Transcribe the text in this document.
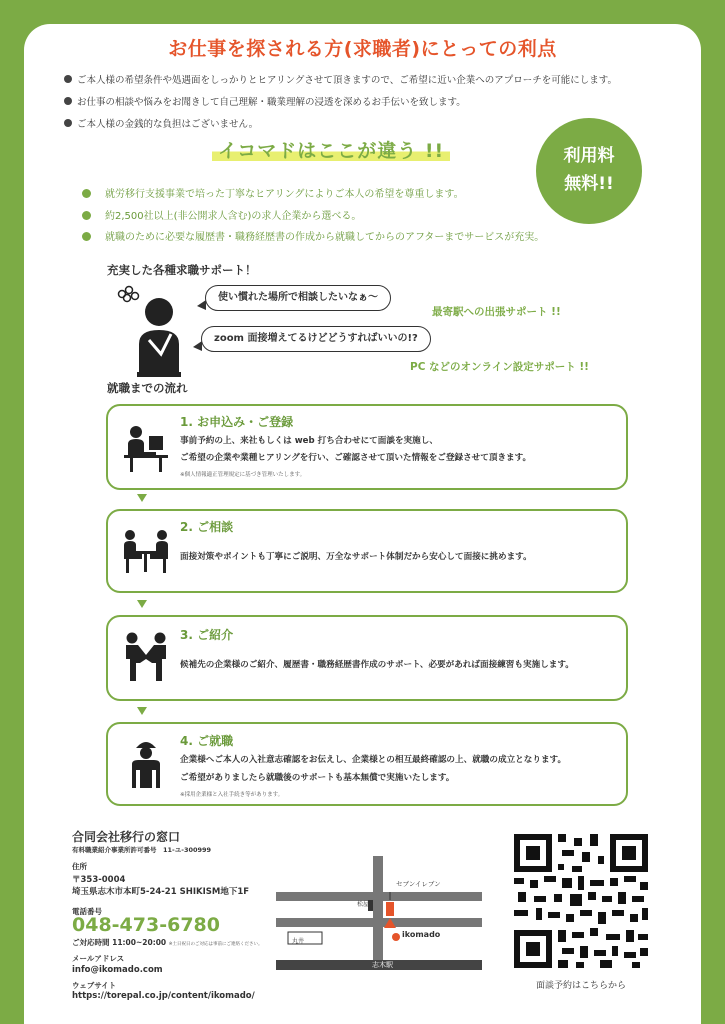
お仕事を探される方(求職者)にとっての利点
ご本人様の希望条件や処遇面をしっかりとヒアリングさせて頂きますので、ご希望に近い企業へのアプローチを可能にします。
お仕事の相談や悩みをお聞きして自己理解・職業理解の浸透を深めるお手伝いを致します。
ご本人様の金銭的な負担はございません。
イコマドはここが違う !!	利用料
無料!!
就労移行支援事業で培った丁寧なヒアリングによりご本人の希望を尊重します。
約2,500社以上(非公開求人含む)の求人企業から選べる。
就職のために必要な履歴書・職務経歴書の作成から就職してからのアフターまでサービスが充実。
充実した各種求職サポート！
使い慣れた場所で相談したいなぁ～
zoom 面接増えてるけどどうすればいいの!?
最寄駅への出張サポート !!
PC などのオンライン設定サポート !!
就職までの流れ
1. お申込み・ご登録
事前予約の上、来社もしくは web 打ち合わせにて面談を実施し、
ご希望の企業や業種ヒアリングを行い、ご確認させて頂いた情報をご登録させて頂きます。
※個人情報適正管理規定に基づき管理いたします。
2. ご相談
面接対策やポイントも丁寧にご説明、万全なサポート体制だから安心して面接に挑めます。
3. ご紹介
候補先の企業様のご紹介、履歴書・職務経歴書作成のサポート、必要があれば面接練習も実施します。
4. ご就職
企業様へご本人の入社意志確認をお伝えし、企業様との相互最終確認の上、就職の成立となります。
ご希望がありましたら就職後のサポートも基本無償で実施いたします。
※採用企業様と入社手続き等があります。
合同会社移行の窓口
有料職業紹介事業所許可番号　11-ユ-300999
住所
〒353-0004
埼玉県志木市本町5-24-21 SHIKISM地下1F
電話番号
048-473-6780
ご対応時間 11:00~20:00 ※土日祝日のご対応は事前にご連絡ください。
メールアドレス
info@ikomado.com
ウェブサイト
https://torepal.co.jp/content/ikomado/
セブンイレブン
松屋
丸井
ikomado
志木駅
面談予約はこちらから
